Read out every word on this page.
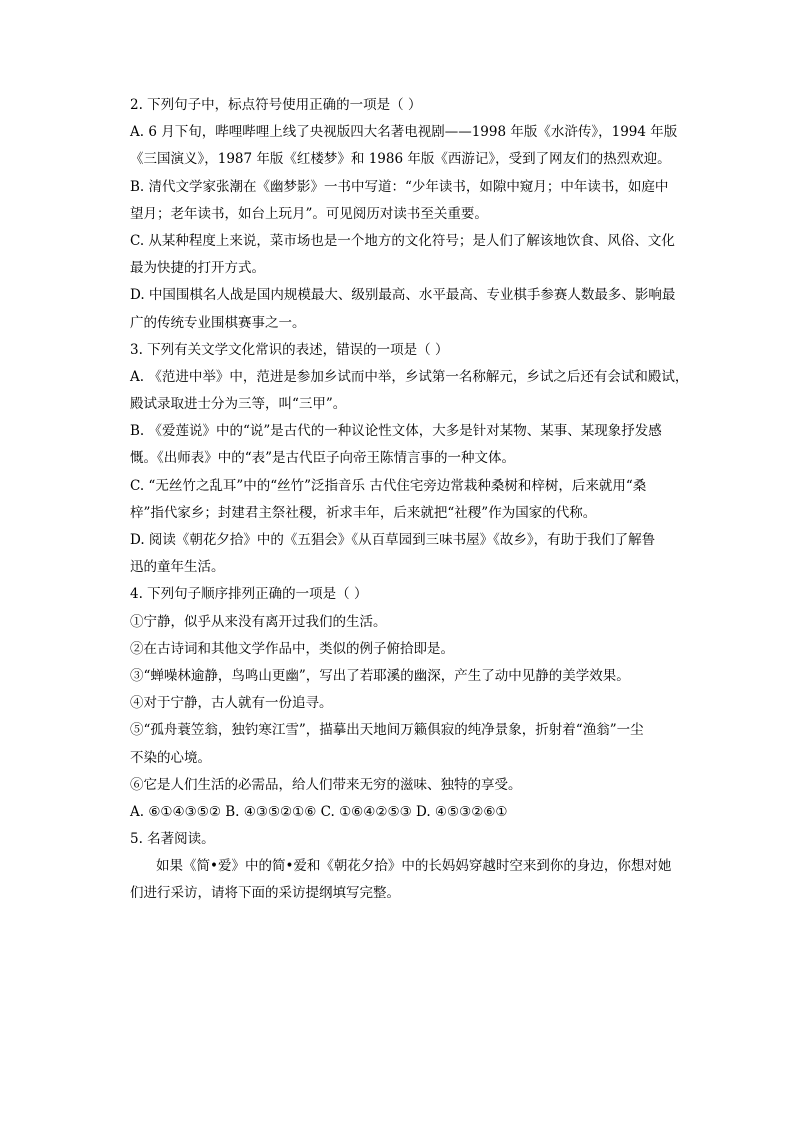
2. 下列句子中，标点符号使用正确的一项是（ ）
A. 6 月下旬，哔哩哔哩上线了央视版四大名著电视剧——1998 年版《水浒传》，1994 年版
《三国演义》，1987 年版《红楼梦》和 1986 年版《西游记》，受到了网友们的热烈欢迎。
B. 清代文学家张潮在《幽梦影》一书中写道：“少年读书，如隙中窥月；中年读书，如庭中
望月；老年读书，如台上玩月”。可见阅历对读书至关重要。
C. 从某种程度上来说，菜市场也是一个地方的文化符号；是人们了解该地饮食、风俗、文化
最为快捷的打开方式。
D. 中国围棋名人战是国内规模最大、级别最高、水平最高、专业棋手参赛人数最多、影响最
广的传统专业围棋赛事之一。
3. 下列有关文学文化常识的表述，错误的一项是（ ）
A. 《范进中举》中，范进是参加乡试而中举，乡试第一名称解元，乡试之后还有会试和殿试，
殿试录取进士分为三等，叫“三甲”。
B. 《爱莲说》中的“说”是古代的一种议论性文体，大多是针对某物、某事、某现象抒发感
慨。《出师表》中的“表”是古代臣子向帝王陈情言事的一种文体。
C. “无丝竹之乱耳”中的“丝竹”泛指音乐 古代住宅旁边常栽种桑树和梓树，后来就用“桑
梓”指代家乡；封建君主祭社稷，祈求丰年，后来就把“社稷”作为国家的代称。
D. 阅读《朝花夕拾》中的《五猖会》《从百草园到三味书屋》《故乡》，有助于我们了解鲁
迅的童年生活。
4. 下列句子顺序排列正确的一项是（ ）
①宁静，似乎从来没有离开过我们的生活。
②在古诗词和其他文学作品中，类似的例子俯拾即是。
③“蝉噪林逾静，鸟鸣山更幽”，写出了若耶溪的幽深，产生了动中见静的美学效果。
④对于宁静，古人就有一份追寻。
⑤“孤舟蓑笠翁，独钓寒江雪”，描摹出天地间万籁俱寂的纯净景象，折射着“渔翁”一尘
不染的心境。
⑥它是人们生活的必需品，给人们带来无穷的滋味、独特的享受。
A. ⑥①④③⑤② B. ④③⑤②①⑥ C. ①⑥④②⑤③ D. ④⑤③②⑥①
5. 名著阅读。
如果《简•爱》中的简•爱和《朝花夕拾》中的长妈妈穿越时空来到你的身边，你想对她
们进行采访，请将下面的采访提纲填写完整。
